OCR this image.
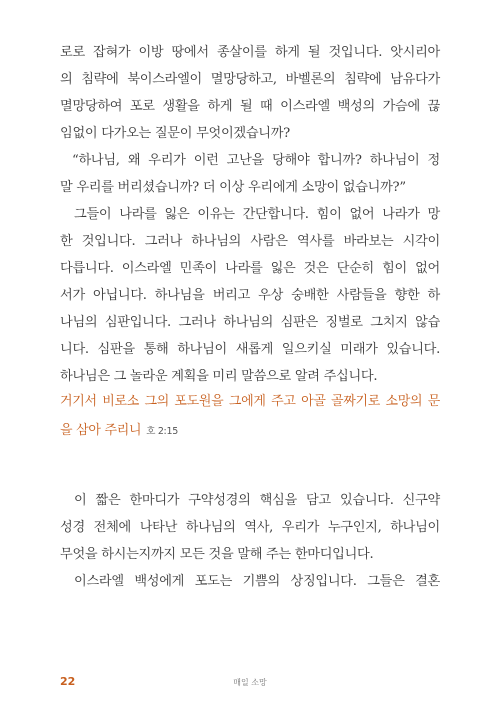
로로 잡혀가 이방 땅에서 종살이를 하게 될 것입니다. 앗시리아
의 침략에 북이스라엘이 멸망당하고, 바벨론의 침략에 남유다가
멸망당하여 포로 생활을 하게 될 때 이스라엘 백성의 가슴에 끊
임없이 다가오는 질문이 무엇이겠습니까?
“하나님, 왜 우리가 이런 고난을 당해야 합니까? 하나님이 정
말 우리를 버리셨습니까? 더 이상 우리에게 소망이 없습니까?”
그들이 나라를 잃은 이유는 간단합니다. 힘이 없어 나라가 망
한 것입니다. 그러나 하나님의 사람은 역사를 바라보는 시각이
다릅니다. 이스라엘 민족이 나라를 잃은 것은 단순히 힘이 없어
서가 아닙니다. 하나님을 버리고 우상 숭배한 사람들을 향한 하
나님의 심판입니다. 그러나 하나님의 심판은 징벌로 그치지 않습
니다. 심판을 통해 하나님이 새롭게 일으키실 미래가 있습니다.
하나님은 그 놀라운 계획을 미리 말씀으로 알려 주십니다.
거기서 비로소 그의 포도원을 그에게 주고 아골 골짜기로 소망의 문
을 삼아 주리니 호 2:15
이 짧은 한마디가 구약성경의 핵심을 담고 있습니다. 신구약
성경 전체에 나타난 하나님의 역사, 우리가 누구인지, 하나님이
무엇을 하시는지까지 모든 것을 말해 주는 한마디입니다.
이스라엘 백성에게 포도는 기쁨의 상징입니다. 그들은 결혼
22	매일 소망
